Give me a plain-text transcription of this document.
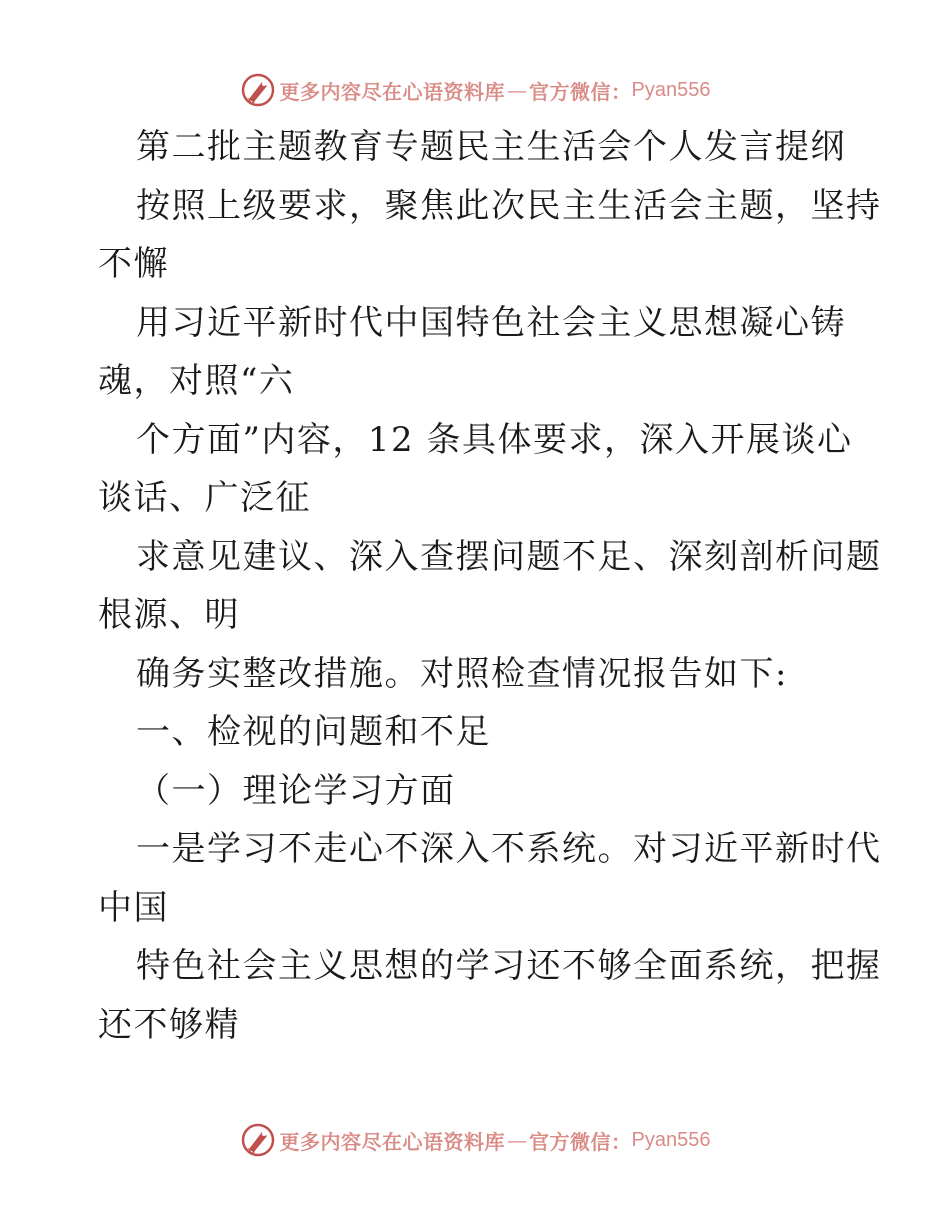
更多内容尽在心语资料库 — 官方微信： Pyan556
第二批主题教育专题民主生活会个人发言提纲
按照上级要求，聚焦此次民主生活会主题，坚持
不懈
用习近平新时代中国特色社会主义思想凝心铸
魂，对照“六
个方面”内容，12 条具体要求，深入开展谈心
谈话、广泛征
求意见建议、深入查摆问题不足、深刻剖析问题
根源、明
确务实整改措施。对照检查情况报告如下:
一、检视的问题和不足
（一）理论学习方面
一是学习不走心不深入不系统。对习近平新时代
中国
特色社会主义思想的学习还不够全面系统，把握
还不够精
更多内容尽在心语资料库 — 官方微信： Pyan556
